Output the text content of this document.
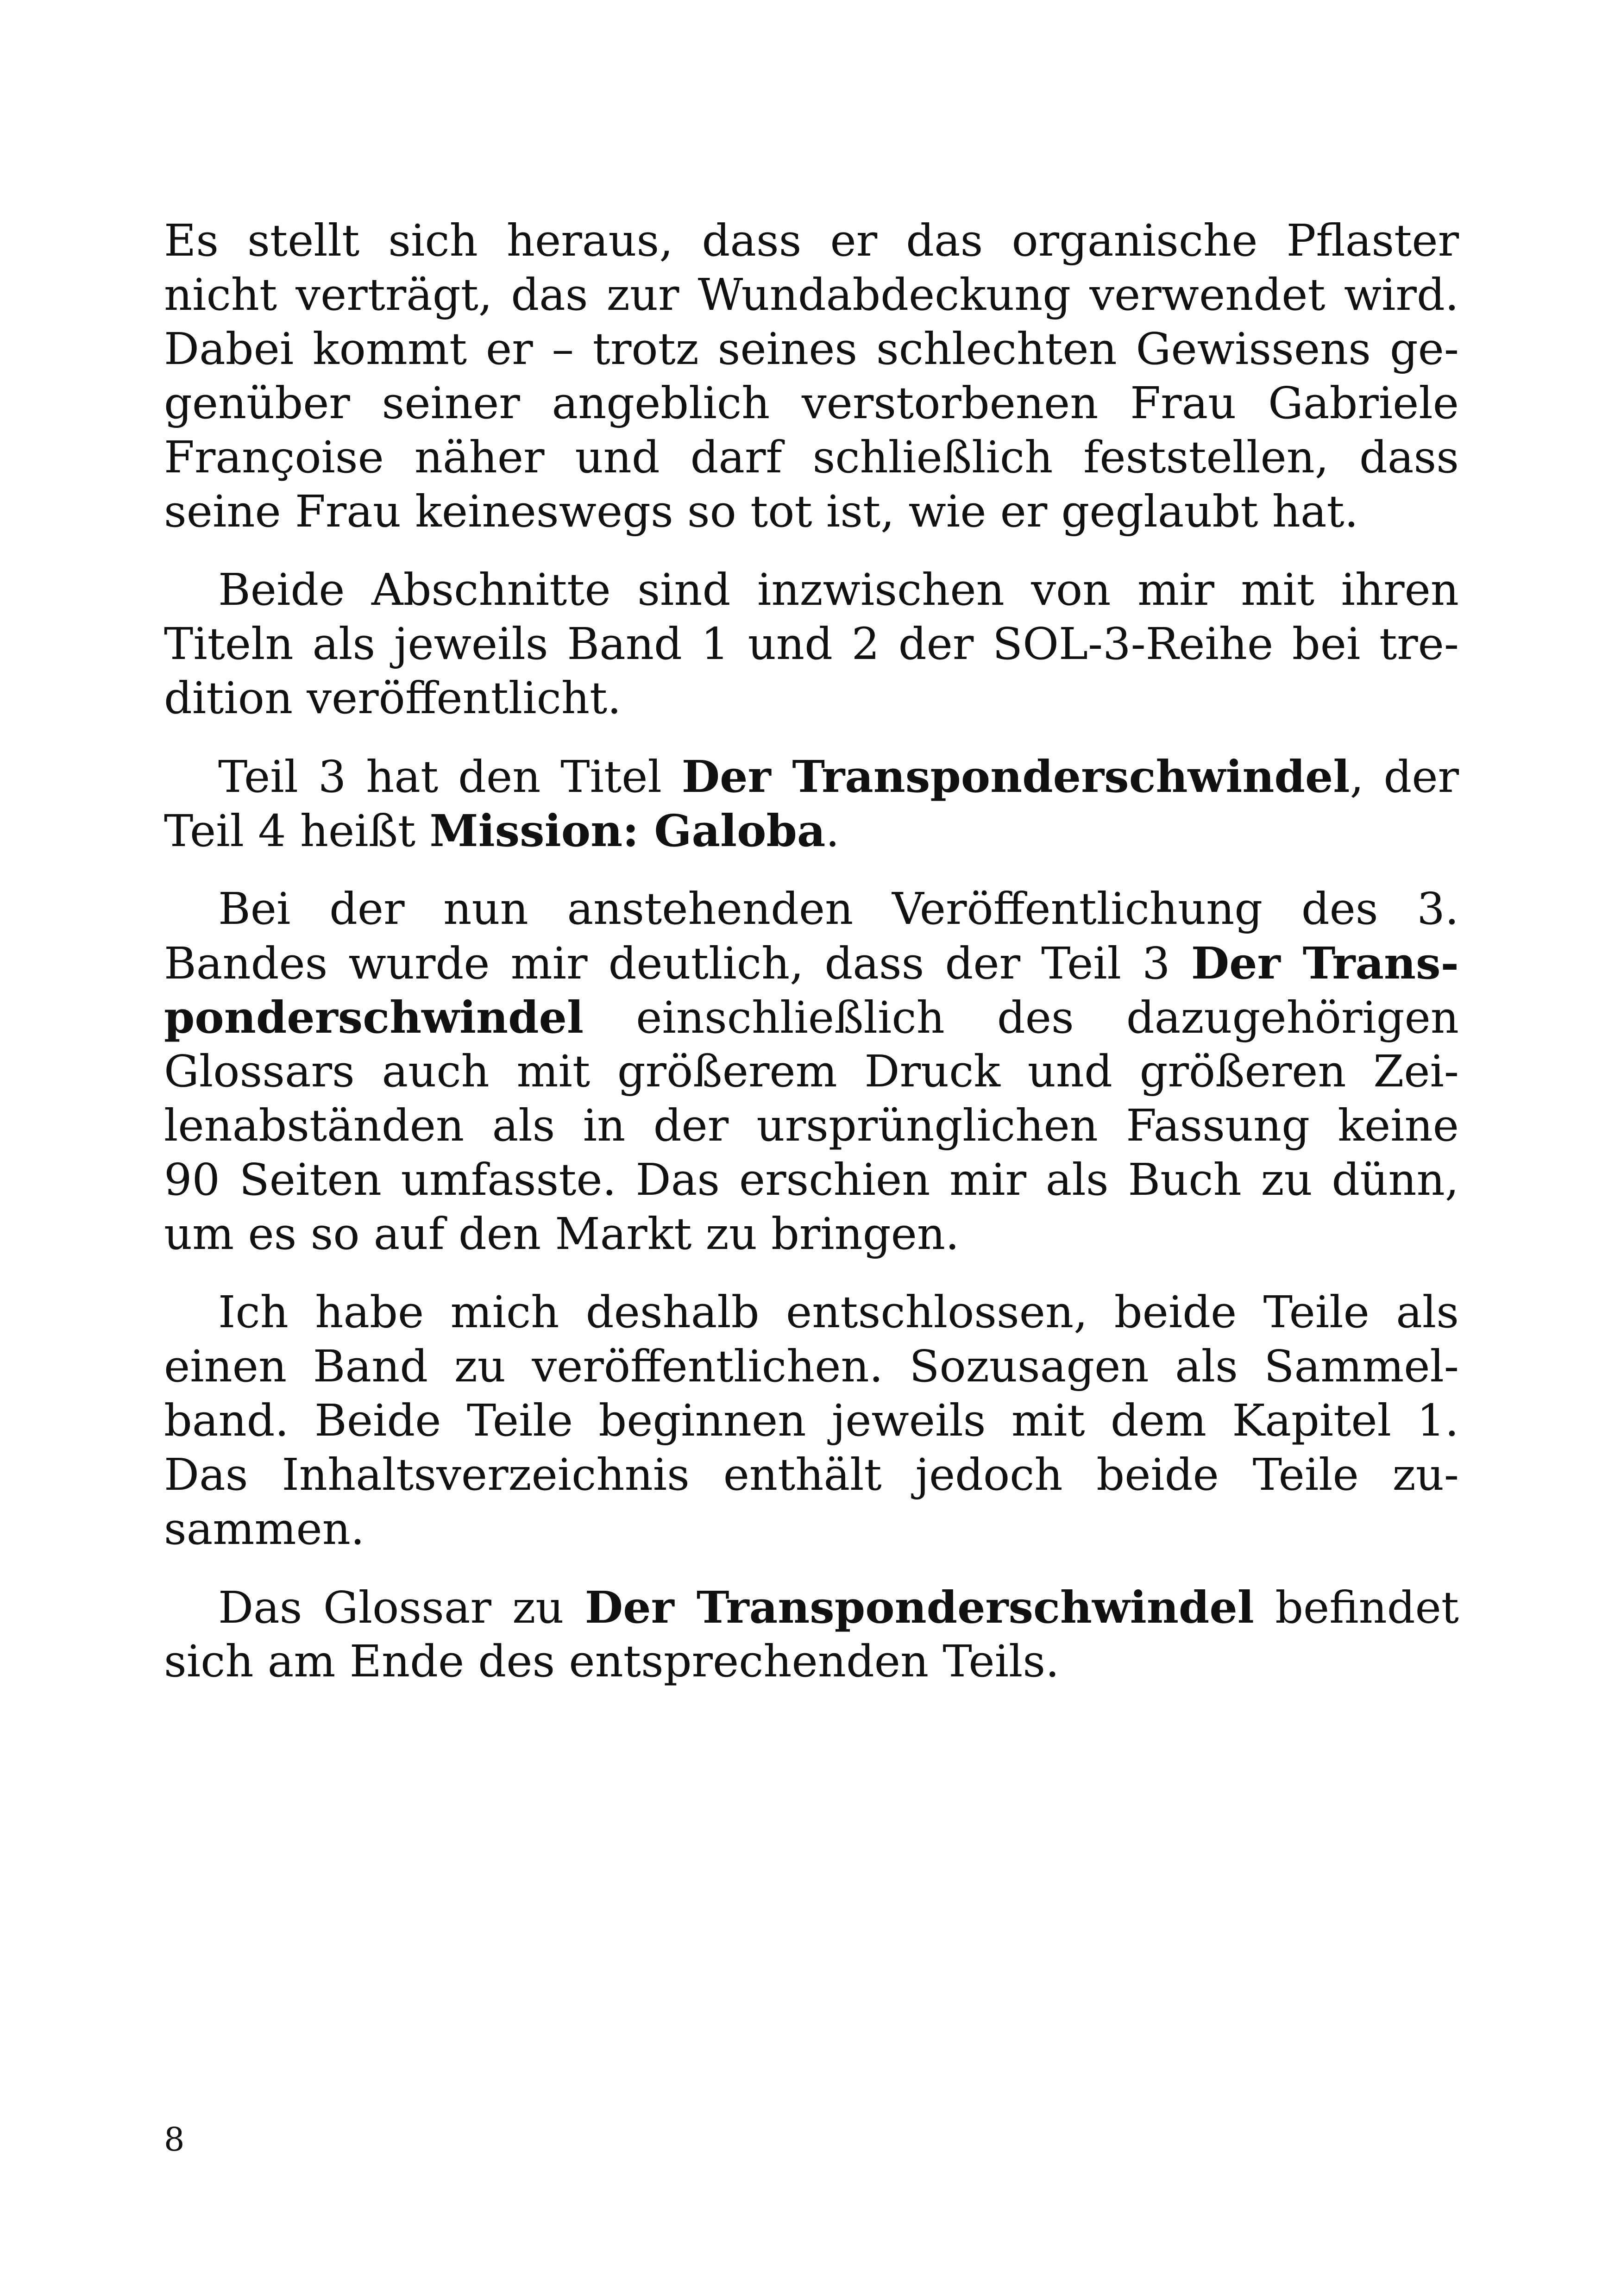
Es stellt sich heraus, dass er das organische Pflaster
nicht verträgt, das zur Wundabdeckung verwendet wird.
Dabei kommt er – trotz seines schlechten Gewissens ge-
genüber seiner angeblich verstorbenen Frau Gabriele
Françoise näher und darf schließlich feststellen, dass
seine Frau keineswegs so tot ist, wie er geglaubt hat.
Beide Abschnitte sind inzwischen von mir mit ihren
Titeln als jeweils Band 1 und 2 der SOL-3-Reihe bei tre-
dition veröffentlicht.
Teil 3 hat den Titel Der Transponderschwindel, der
Teil 4 heißt Mission: Galoba.
Bei der nun anstehenden Veröffentlichung des 3.
Bandes wurde mir deutlich, dass der Teil 3 Der Trans-
ponderschwindel einschließlich des dazugehörigen
Glossars auch mit größerem Druck und größeren Zei-
lenabständen als in der ursprünglichen Fassung keine
90 Seiten umfasste. Das erschien mir als Buch zu dünn,
um es so auf den Markt zu bringen.
Ich habe mich deshalb entschlossen, beide Teile als
einen Band zu veröffentlichen. Sozusagen als Sammel-
band. Beide Teile beginnen jeweils mit dem Kapitel 1.
Das Inhaltsverzeichnis enthält jedoch beide Teile zu-
sammen.
Das Glossar zu Der Transponderschwindel befindet
sich am Ende des entsprechenden Teils.
8
